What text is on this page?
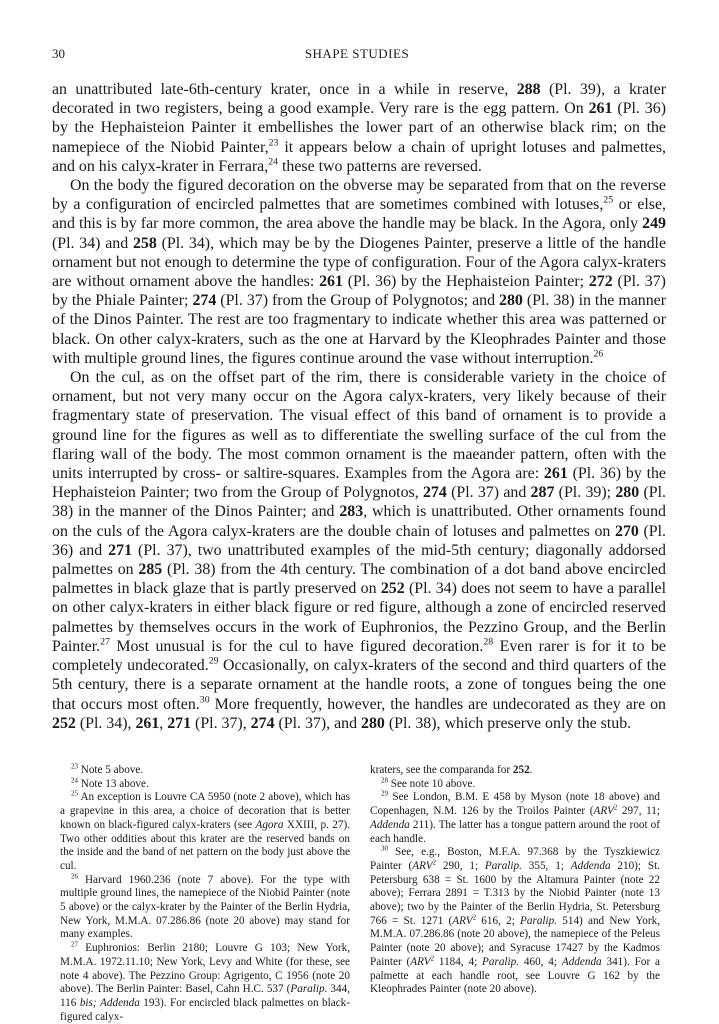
30	SHAPE STUDIES

an unattributed late-6th-century krater, once in a while in reserve, 288 (Pl. 39), a krater decorated in two registers, being a good example. Very rare is the egg pattern. On 261 (Pl. 36) by the Hephaisteion Painter it embellishes the lower part of an otherwise black rim; on the namepiece of the Niobid Painter,$^{23}$ it appears below a chain of upright lotuses and palmettes, and on his calyx-krater in Ferrara,$^{24}$ these two patterns are reversed.

On the body the figured decoration on the obverse may be separated from that on the reverse by a configuration of encircled palmettes that are sometimes combined with lotuses,$^{25}$ or else, and this is by far more common, the area above the handle may be black. In the Agora, only 249 (Pl. 34) and 258 (Pl. 34), which may be by the Diogenes Painter, preserve a little of the handle ornament but not enough to determine the type of configuration. Four of the Agora calyx-kraters are without ornament above the handles: 261 (Pl. 36) by the Hephaisteion Painter; 272 (Pl. 37) by the Phiale Painter; 274 (Pl. 37) from the Group of Polygnotos; and 280 (Pl. 38) in the manner of the Dinos Painter. The rest are too fragmentary to indicate whether this area was patterned or black. On other calyx-kraters, such as the one at Harvard by the Kleophrades Painter and those with multiple ground lines, the figures continue around the vase without interruption.$^{26}$

On the cul, as on the offset part of the rim, there is considerable variety in the choice of ornament, but not very many occur on the Agora calyx-kraters, very likely because of their fragmentary state of preservation. The visual effect of this band of ornament is to provide a ground line for the figures as well as to differentiate the swelling surface of the cul from the flaring wall of the body. The most common ornament is the maeander pattern, often with the units interrupted by cross- or saltire-squares. Examples from the Agora are: 261 (Pl. 36) by the Hephaisteion Painter; two from the Group of Polygnotos, 274 (Pl. 37) and 287 (Pl. 39); 280 (Pl. 38) in the manner of the Dinos Painter; and 283, which is unattributed. Other ornaments found on the culs of the Agora calyx-kraters are the double chain of lotuses and palmettes on 270 (Pl. 36) and 271 (Pl. 37), two unattributed examples of the mid-5th century; diagonally addorsed palmettes on 285 (Pl. 38) from the 4th century. The combination of a dot band above encircled palmettes in black glaze that is partly preserved on 252 (Pl. 34) does not seem to have a parallel on other calyx-kraters in either black figure or red figure, although a zone of encircled reserved palmettes by themselves occurs in the work of Euphronios, the Pezzino Group, and the Berlin Painter.$^{27}$ Most unusual is for the cul to have figured decoration.$^{28}$ Even rarer is for it to be completely undecorated.$^{29}$ Occasionally, on calyx-kraters of the second and third quarters of the 5th century, there is a separate ornament at the handle roots, a zone of tongues being the one that occurs most often.$^{30}$ More frequently, however, the handles are undecorated as they are on 252 (Pl. 34), 261, 271 (Pl. 37), 274 (Pl. 37), and 280 (Pl. 38), which preserve only the stub.

$^{23}$ Note 5 above.

$^{24}$ Note 13 above.

$^{25}$ An exception is Louvre CA 5950 (note 2 above), which has a grapevine in this area, a choice of decoration that is better known on black-figured calyx-kraters (see Agora XXIII, p. 27). Two other oddities about this krater are the reserved bands on the inside and the band of net pattern on the body just above the cul.

$^{26}$ Harvard 1960.236 (note 7 above). For the type with multiple ground lines, the namepiece of the Niobid Painter (note 5 above) or the calyx-krater by the Painter of the Berlin Hydria, New York, M.M.A. 07.286.86 (note 20 above) may stand for many examples.

$^{27}$ Euphronios: Berlin 2180; Louvre G 103; New York, M.M.A. 1972.11.10; New York, Levy and White (for these, see note 4 above). The Pezzino Group: Agrigento, C 1956 (note 20 above). The Berlin Painter: Basel, Cahn H.C. 537 (Paralip. 344, 116 bis; Addenda 193). For encircled black palmettes on black-figured calyx-

kraters, see the comparanda for 252.

$^{28}$ See note 10 above.

$^{29}$ See London, B.M. E 458 by Myson (note 18 above) and Copenhagen, N.M. 126 by the Troilos Painter (ARV$^2$ 297, 11; Addenda 211). The latter has a tongue pattern around the root of each handle.

$^{30}$ See, e.g., Boston, M.F.A. 97.368 by the Tyszkiewicz Painter (ARV$^2$ 290, 1; Paralip. 355, 1; Addenda 210); St. Petersburg 638 = St. 1600 by the Altamura Painter (note 22 above); Ferrara 2891 = T.313 by the Niobid Painter (note 13 above); two by the Painter of the Berlin Hydria, St. Petersburg 766 = St. 1271 (ARV$^2$ 616, 2; Paralip. 514) and New York, M.M.A. 07.286.86 (note 20 above), the namepiece of the Peleus Painter (note 20 above); and Syracuse 17427 by the Kadmos Painter (ARV$^2$ 1184, 4; Paralip. 460, 4; Addenda 341). For a palmette at each handle root, see Louvre G 162 by the Kleophrades Painter (note 20 above).
